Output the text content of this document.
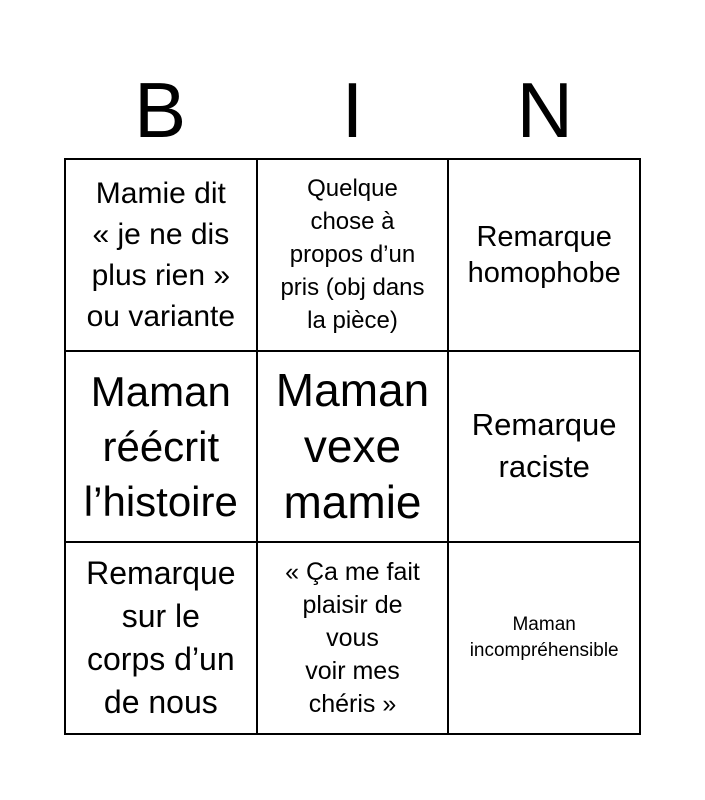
B	I	N
Mamie dit
« je ne dis
plus rien »
ou variante
Quelque
chose à
propos d’un
pris (obj dans
la pièce)
Remarque
homophobe
Maman
réécrit
l’histoire
Maman
vexe
mamie
Remarque
raciste
Remarque
sur le
corps d’un
de nous
« Ça me fait
plaisir de
vous
voir mes
chéris »
Maman
incompréhensible
